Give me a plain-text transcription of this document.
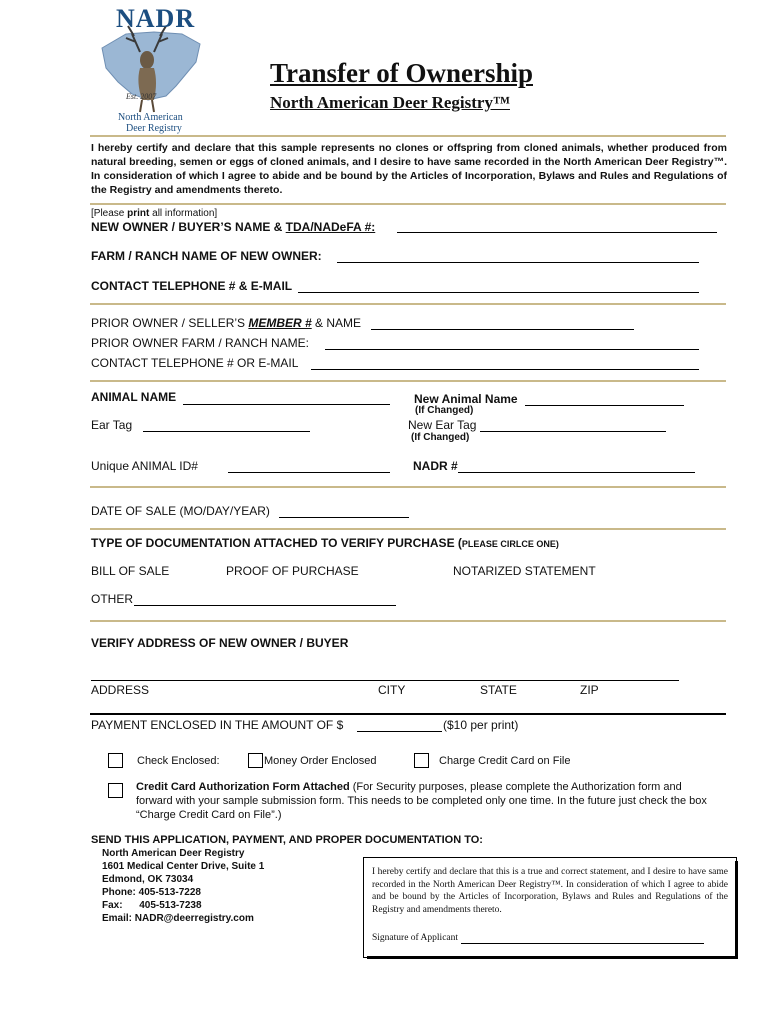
NADR
Est. 2007
North American
Deer Registry
Transfer of Ownership
North American Deer Registry™
I hereby certify and declare that this sample represents no clones or offspring from cloned animals, whether produced from natural breeding, semen or eggs of cloned animals, and I desire to have same recorded in the North American Deer Registry™. In consideration of which I agree to abide and be bound by the Articles of Incorporation, Bylaws and Rules and Regulations of the Registry and amendments thereto.
[Please print all information]
NEW OWNER / BUYER’S NAME & TDA/NADeFA #:
FARM / RANCH NAME OF NEW OWNER:
CONTACT TELEPHONE # & E-MAIL
PRIOR OWNER / SELLER’S MEMBER # & NAME
PRIOR OWNER FARM / RANCH NAME:
CONTACT TELEPHONE # OR E-MAIL
ANIMAL NAME	New Animal Name
(If Changed)
Ear Tag	New Ear Tag
(If Changed)
Unique ANIMAL ID#	NADR #
DATE OF SALE (MO/DAY/YEAR)
TYPE OF DOCUMENTATION ATTACHED TO VERIFY PURCHASE (PLEASE CIRLCE ONE)
BILL OF SALE	PROOF OF PURCHASE	NOTARIZED STATEMENT
OTHER
VERIFY ADDRESS OF NEW OWNER / BUYER
ADDRESS	CITY	STATE	ZIP
PAYMENT ENCLOSED IN THE AMOUNT OF $	($10 per print)
Check Enclosed:	Money Order Enclosed	Charge Credit Card on File
Credit Card Authorization Form Attached (For Security purposes, please complete the Authorization form and forward with your sample submission form. This needs to be completed only one time. In the future just check the box “Charge Credit Card on File”.)
SEND THIS APPLICATION, PAYMENT, AND PROPER DOCUMENTATION TO:
North American Deer Registry
1601 Medical Center Drive, Suite 1
Edmond, OK 73034
Phone: 405-513-7228
Fax:      405-513-7238
Email: NADR@deerregistry.com
I hereby certify and declare that this is a true and correct statement, and I desire to have same recorded in the North American Deer Registry™. In consideration of which I agree to abide and be bound by the Articles of Incorporation, Bylaws and Rules and Regulations of the Registry and amendments thereto.
Signature of Applicant
